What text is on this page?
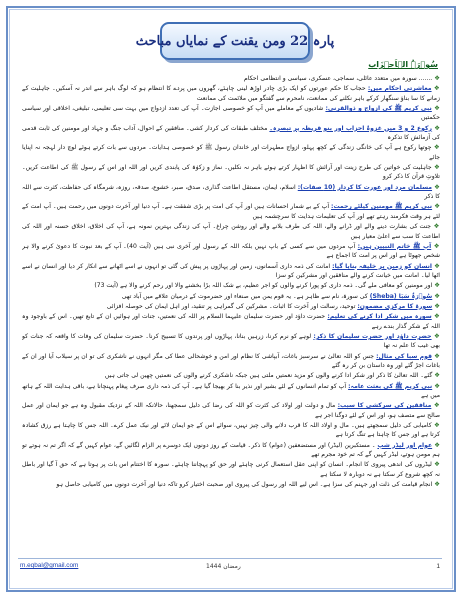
پارہ 22 ومن یقنت کے نمایاں مباحث
سُوۡرَۃُ الۡاَحۡزَاب
❖ ....... سورہ میں متعدد عائلی، سماجی، عسکری، سیاسی و انتظامی احکام
❖ معاشرتی احکام میں: حجاب کا حکم عورتوں کو ایک بڑی چادر اوڑھ لینی چاہئے، گھروں میں پردے کا انتظام ہو کہ لوگ باہر سے اندر نہ آسکیں۔ جاہلیت کے زمانے کا سا بناؤ سنگھار کرکے باہر نکلنے کی ممانعت، نامحرم سے گفتگو میں ملائمت کی ممانعت
❖ نبی کریم ﷺ کی ازواج و ذوالقرنی: شادیوں کے معاملے میں آپ کو خصوصی اجازت۔ آپ کی تعدد ازدواج میں بہت سی تعلیمی، تبلیغی، اخلاقی اور سیاسی حکمتیں
❖ رکوع 2 و 3 میں غزوۂ احزاب اور بنو قریظہ پر تبصرہ۔ مختلف طبقات کی کردار کشی۔ منافقین کے احوال، آداب جنگ و جہاد اور مومنین کی ثابت قدمی کی آزمائش کا تذکرہ
❖ چوتھا رکوع ہے آپ کی خانگی زندگی کے کچھ پہلو، ازواج مطہرات اور خاندان رسول ﷺ کو خصوصی ہدایات۔ مردوں سے بات کرتے ہوئے لوچ دار لہجہ نہ اپنایا جائے
❖ جاہلیت کی خواتین کی طرح زینت اور آرائش کا اظہار کرتے ہوئے باہر نہ نکلیں۔ نماز و زکوٰۃ کی پابندی کریں اور اللہ اور اس کے رسول ﷺ کی اطاعت کریں۔ تلاوتِ قرآن کا ذکر کرو
❖ مسلمان مرد اور عورت کا کردار (10 صفات): اسلام، ایمان، مستقل اطاعت گذاری، صدق، صبر، خشوع، صدقہ، روزہ، شرمگاہ کی حفاظت، کثرت سے اللہ کا ذکر
❖ نبی کریم ﷺ مومنین کیلئے رحمت: آپ کے بے شمار احسانات ہیں اور آپ کی امت پر بڑی شفقت ہے۔ آپ دنیا اور آخرت دونوں میں رحمت ہیں۔ آپ امت کے لئے ہر وقت فکرمند رہتے تھے اور آپ کی تعلیمات ہدایت کا سرچشمہ ہیں
❖ جنت کی بشارت دینے والے اور ڈرانے والے، اللہ کی طرف بلانے والے اور روشن چراغ۔ آپ کی زندگی بہترین نمونہ ہے، آپ کی اخلاق، اخلاق حسنہ اور اللہ کی اطاعت کا سب سے اعلیٰ معیار ہیں
❖ آپ ﷺ خاتم النبیین ہیں: آپ مردوں میں سے کسی کے باپ نہیں بلکہ اللہ کے رسول اور آخری نبی ہیں (آیت 40)۔ آپ کے بعد نبوت کا دعویٰ کرنے والا ہر شخص جھوٹا ہے اور اس پر امت کا اجماع ہے
❖ انسان کو زمین پر خلیفہ بنایا گیا: امانت کی ذمہ داری آسمانوں، زمین اور پہاڑوں پر پیش کی گئی تو انہوں نے اسے اٹھانے سے انکار کر دیا اور انسان نے اسے اٹھا لیا۔ امانت میں خیانت کرنے والے منافقین اور مشرکین کو سزا
❖ اور مومنین کو معافی ملے گی۔ ذمہ داری کو پورا کرنے والوں کو اجر عظیم، بے شک اللہ بڑا بخشنے والا اور رحم کرنے والا ہے (آیت 73)
❖ سُوۡرَۃُ سَبَا (Sheba) کی سورۃ، نام سے ظاہر ہے۔ یہ قوم یمن میں صنعاء اور حضرموت کے درمیان علاقے میں آباد تھی
❖ سورۃ کا مرکزی مضمون: توحید، رسالت اور آخرت کا اثبات۔ مشرکین کی گمراہی پر تنقید، اور اہل ایمان کی حوصلہ افزائی
❖ سورہ میں شکر ادا کرنے کی تعلیم: حضرت داؤد اور حضرت سلیمان علیہما السلام پر اللہ کی نعمتیں، جنات اور ہوائیں ان کے تابع تھیں۔ اس کے باوجود وہ اللہ کے شکر گذار بندے رہے
❖ حضرت داؤد اور حضرت سلیمان کا ذکر: لوہے کو نرم کرنا، زرہیں بنانا، پہاڑوں اور پرندوں کا تسبیح کرنا۔ حضرت سلیمان کی وفات کا واقعہ کہ جنات کو بھی غیب کا علم نہ تھا
❖ قوم سبا کی مثال: جس کو اللہ تعالیٰ نے سرسبز باغات، آبپاشی کا نظام اور امن و خوشحالی عطا کی مگر انہوں نے ناشکری کی تو ان پر سیلاب آیا اور ان کے باغات اجڑ گئے اور وہ داستان بن کر رہ گئے
❖ گئے۔ اللہ تعالیٰ کا ذکر اور شکر ادا کرنے والوں کو مزید نعمتیں ملتی ہیں جبکہ ناشکری کرنے والوں کی نعمتیں چھین لی جاتی ہیں
❖ نبی کریم ﷺ کی بعثت عامہ: آپ کو تمام انسانوں کے لئے بشیر اور نذیر بنا کر بھیجا گیا ہے۔ آپ کی ذمہ داری صرف پیغام پہنچانا ہے، باقی ہدایت اللہ کے ہاتھ میں ہے
❖ منافقین کی سرکشی کا سبب: مال و دولت اور اولاد کی کثرت کو اللہ کی رضا کی دلیل سمجھنا، حالانکہ اللہ کے نزدیک مقبول وہ ہے جو ایمان اور عمل صالح سے متصف ہو، اور اس کے لئے دوگنا اجر ہے
❖ کامیابی کی دلیل سمجھتے ہیں۔ مال و اولاد اللہ کا قرب دلانے والی چیز نہیں، سوائے اس کے جو ایمان لائے اور نیک عمل کرے۔ اللہ جس کا چاہتا ہے رزق کشادہ کرتا ہے اور جس کا چاہتا ہے تنگ کرتا ہے
❖ عوام اور لیڈر شپ ۔ مستکبرین (لیڈر) اور مستضعفین (عوام) کا ذکر۔ قیامت کے روز دونوں ایک دوسرے پر الزام لگائیں گے، عوام کہیں گے کہ اگر تم نہ ہوتے تو ہم مومن ہوتے، لیڈر کہیں گے کہ تم خود مجرم تھے
❖ لیڈروں کی اندھی پیروی کا انجام۔ انسان کو اپنی عقل استعمال کرنی چاہئے اور حق کو پہچاننا چاہئے۔ سورہ کا اختتام اس بات پر ہوتا ہے کہ حق آ گیا اور باطل نہ کچھ شروع کر سکتا ہے نہ دوبارہ لا سکتا ہے
❖ انجام قیامت کی ذلت اور جہنم کی سزا ہے۔ اس لیے اللہ اور رسول کی پیروی اور صحبت اختیار کرو تاکہ دنیا اور آخرت دونوں میں کامیابی حاصل ہو
m.eqbal@gmail.com	رمضان 1444	1
